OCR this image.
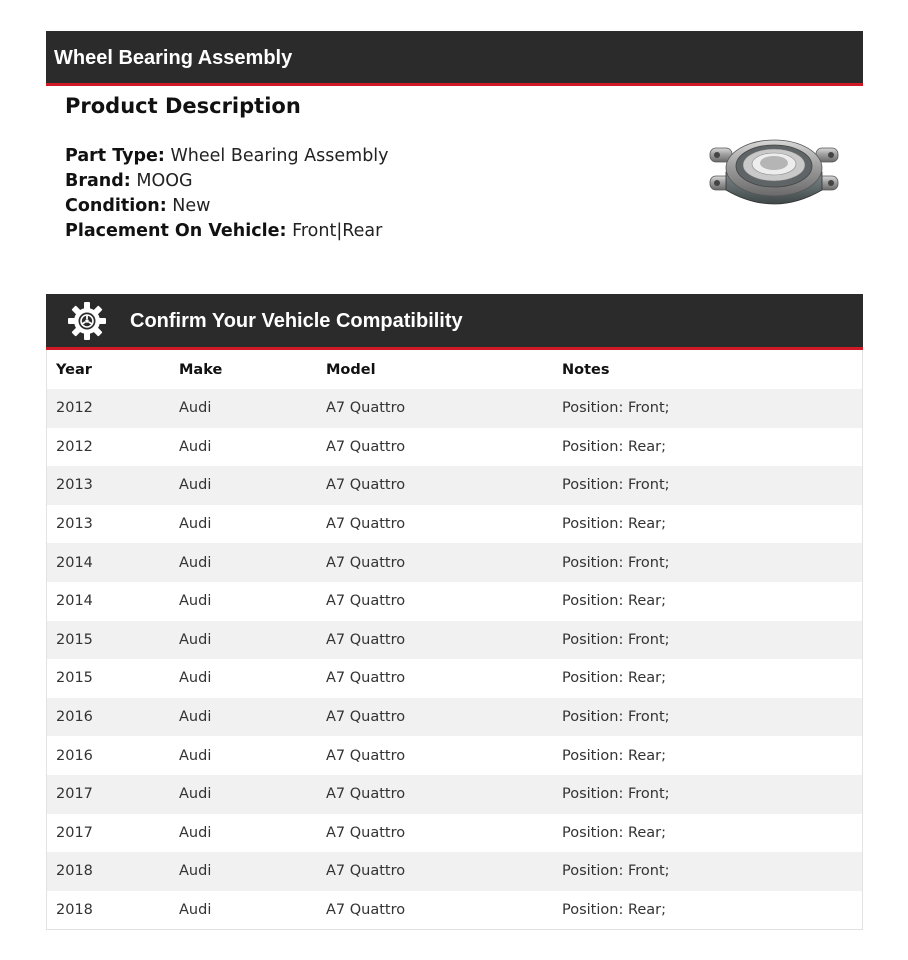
Wheel Bearing Assembly
Product Description
Part Type: Wheel Bearing Assembly
Brand: MOOG
Condition: New
Placement On Vehicle: Front|Rear
Confirm Your Vehicle Compatibility
Year	Make	Model	Notes
2012	Audi	A7 Quattro	Position: Front;
2012	Audi	A7 Quattro	Position: Rear;
2013	Audi	A7 Quattro	Position: Front;
2013	Audi	A7 Quattro	Position: Rear;
2014	Audi	A7 Quattro	Position: Front;
2014	Audi	A7 Quattro	Position: Rear;
2015	Audi	A7 Quattro	Position: Front;
2015	Audi	A7 Quattro	Position: Rear;
2016	Audi	A7 Quattro	Position: Front;
2016	Audi	A7 Quattro	Position: Rear;
2017	Audi	A7 Quattro	Position: Front;
2017	Audi	A7 Quattro	Position: Rear;
2018	Audi	A7 Quattro	Position: Front;
2018	Audi	A7 Quattro	Position: Rear;
